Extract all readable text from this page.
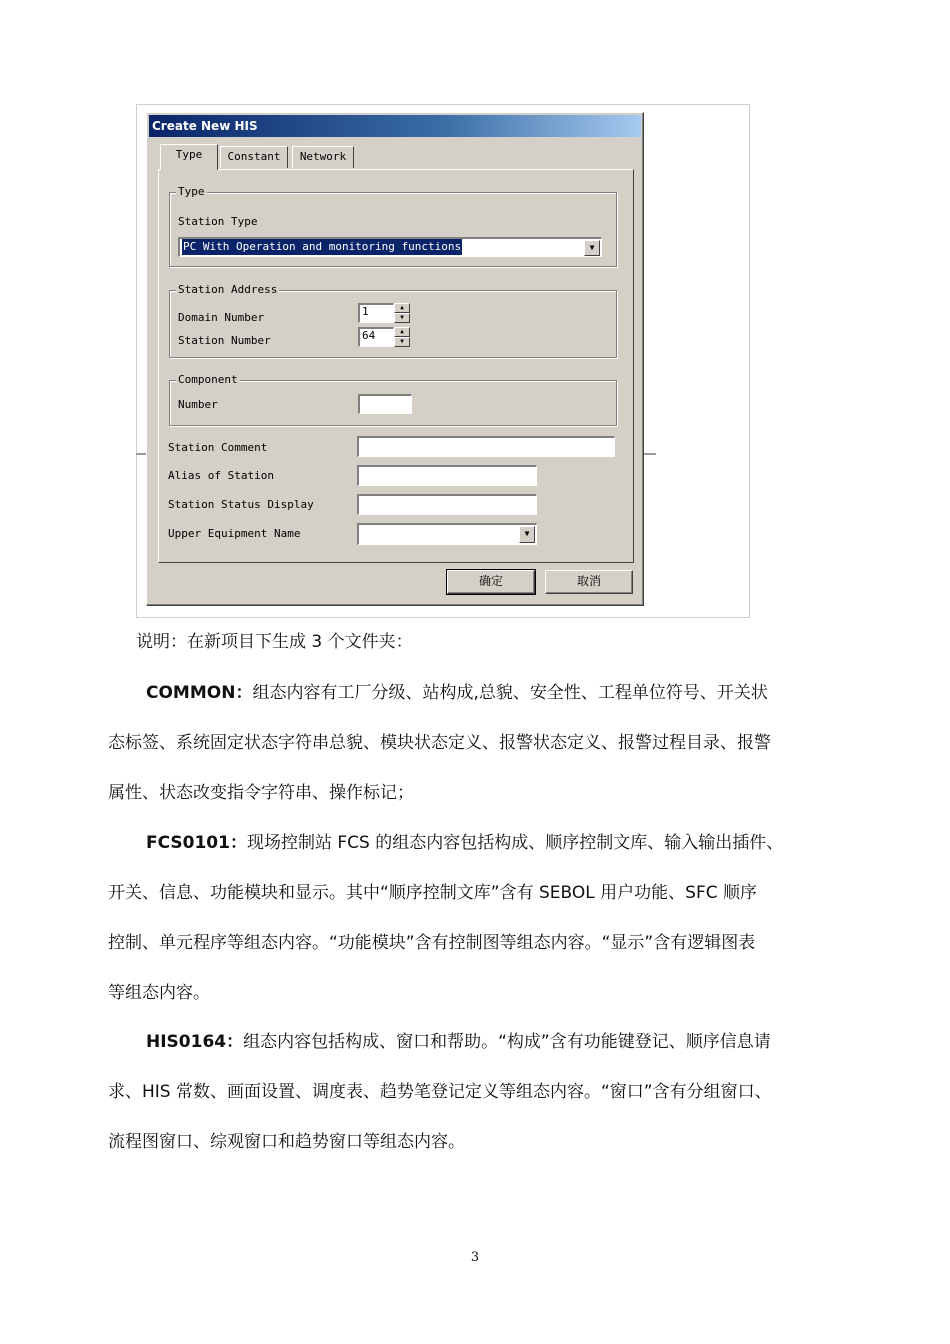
Create New HIS
Type	Constant	Network
Type
Station Type
PC With Operation and monitoring functions	▼
Station Address
Domain Number	1	▲
▼
Station Number	64	▲
▼
Component
Number
Station Comment
Alias of Station
Station Status Display
Upper Equipment Name	▼
确定	取消
说明：在新项目下生成 3 个文件夹：
COMMON：组态内容有工厂分级、站构成,总貌、安全性、工程单位符号、开关状
态标签、系统固定状态字符串总貌、模块状态定义、报警状态定义、报警过程目录、报警
属性、状态改变指令字符串、操作标记；
FCS0101：现场控制站 FCS 的组态内容包括构成、顺序控制文库、输入输出插件、
开关、信息、功能模块和显示。其中“顺序控制文库”含有 SEBOL 用户功能、SFC 顺序
控制、单元程序等组态内容。“功能模块”含有控制图等组态内容。“显示”含有逻辑图表
等组态内容。
HIS0164：组态内容包括构成、窗口和帮助。“构成”含有功能键登记、顺序信息请
求、HIS 常数、画面设置、调度表、趋势笔登记定义等组态内容。“窗口”含有分组窗口、
流程图窗口、综观窗口和趋势窗口等组态内容。
3
